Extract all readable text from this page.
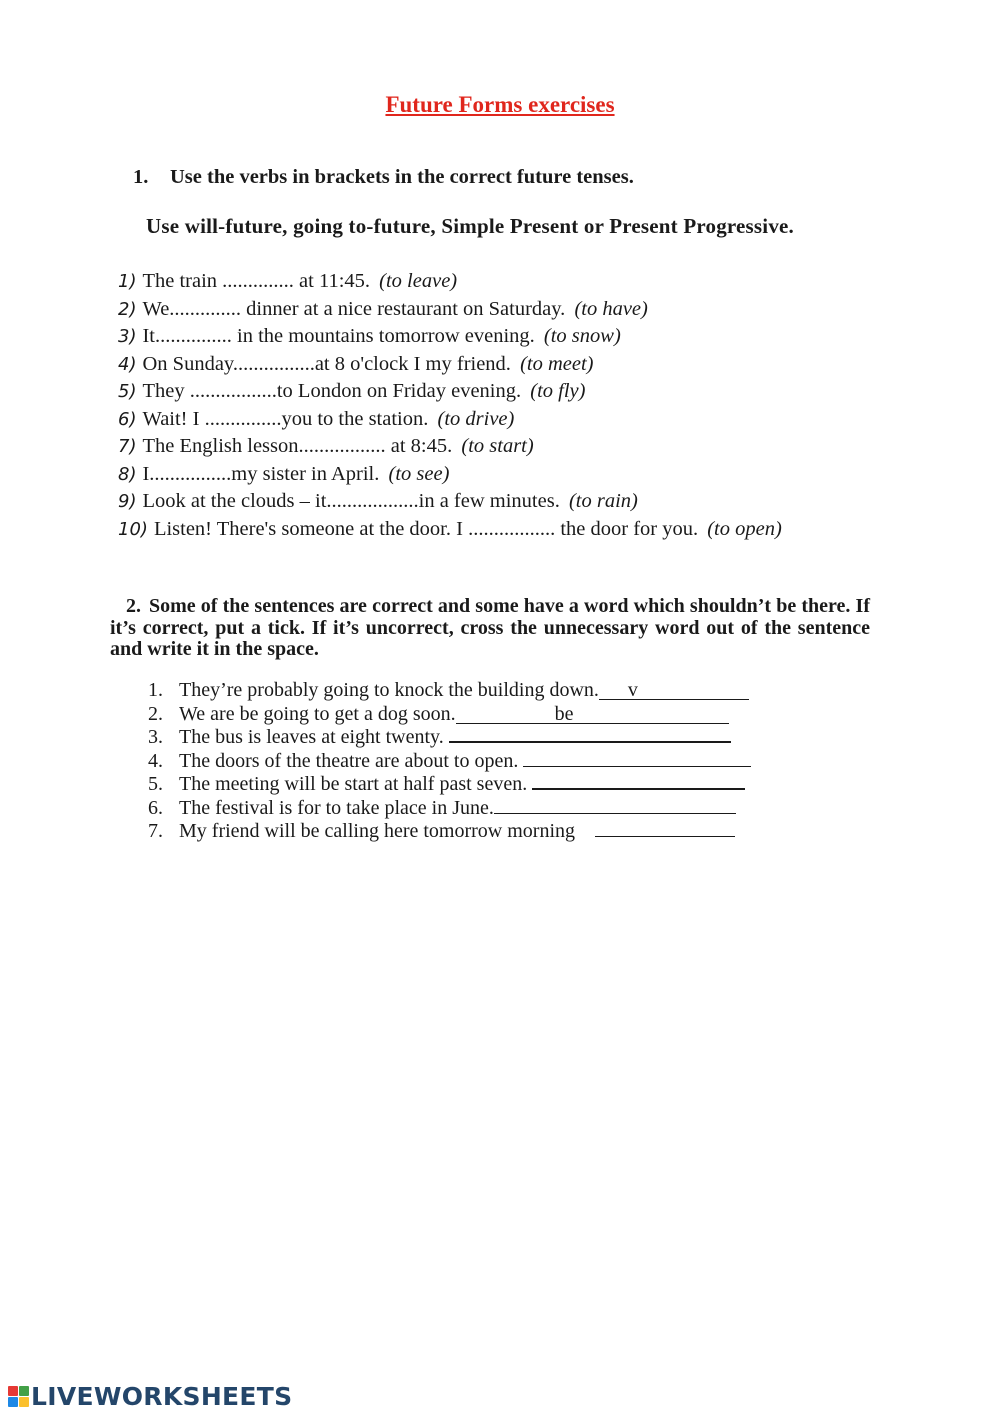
Future Forms exercises
1. Use the verbs in brackets in the correct future tenses.
Use will-future, going to-future, Simple Present or Present Progressive.
1) The train .............. at 11:45. (to leave)
2) We.............. dinner at a nice restaurant on Saturday. (to have)
3) It............... in the mountains tomorrow evening. (to snow)
4) On Sunday................at 8 o'clock I my friend. (to meet)
5) They .................to London on Friday evening. (to fly)
6) Wait! I ...............you to the station. (to drive)
7) The English lesson................. at 8:45. (to start)
8) I................my sister in April. (to see)
9) Look at the clouds – it..................in a few minutes. (to rain)
10) Listen! There's someone at the door. I ................. the door for you. (to open)
2. Some of the sentences are correct and some have a word which shouldn’t be there. If it’s correct, put a tick. If it’s uncorrect, cross the unnecessary word out of the sentence and write it in the space.
1. They’re probably going to knock the building down. v
2. We are be going to get a dog soon.	be
3. The bus is leaves at eight twenty.
4. The doors of the theatre are about to open.
5. The meeting will be start at half past seven.
6. The festival is for to take place in June.
7. My friend will be calling here tomorrow morning
LIVEWORKSHEETS
